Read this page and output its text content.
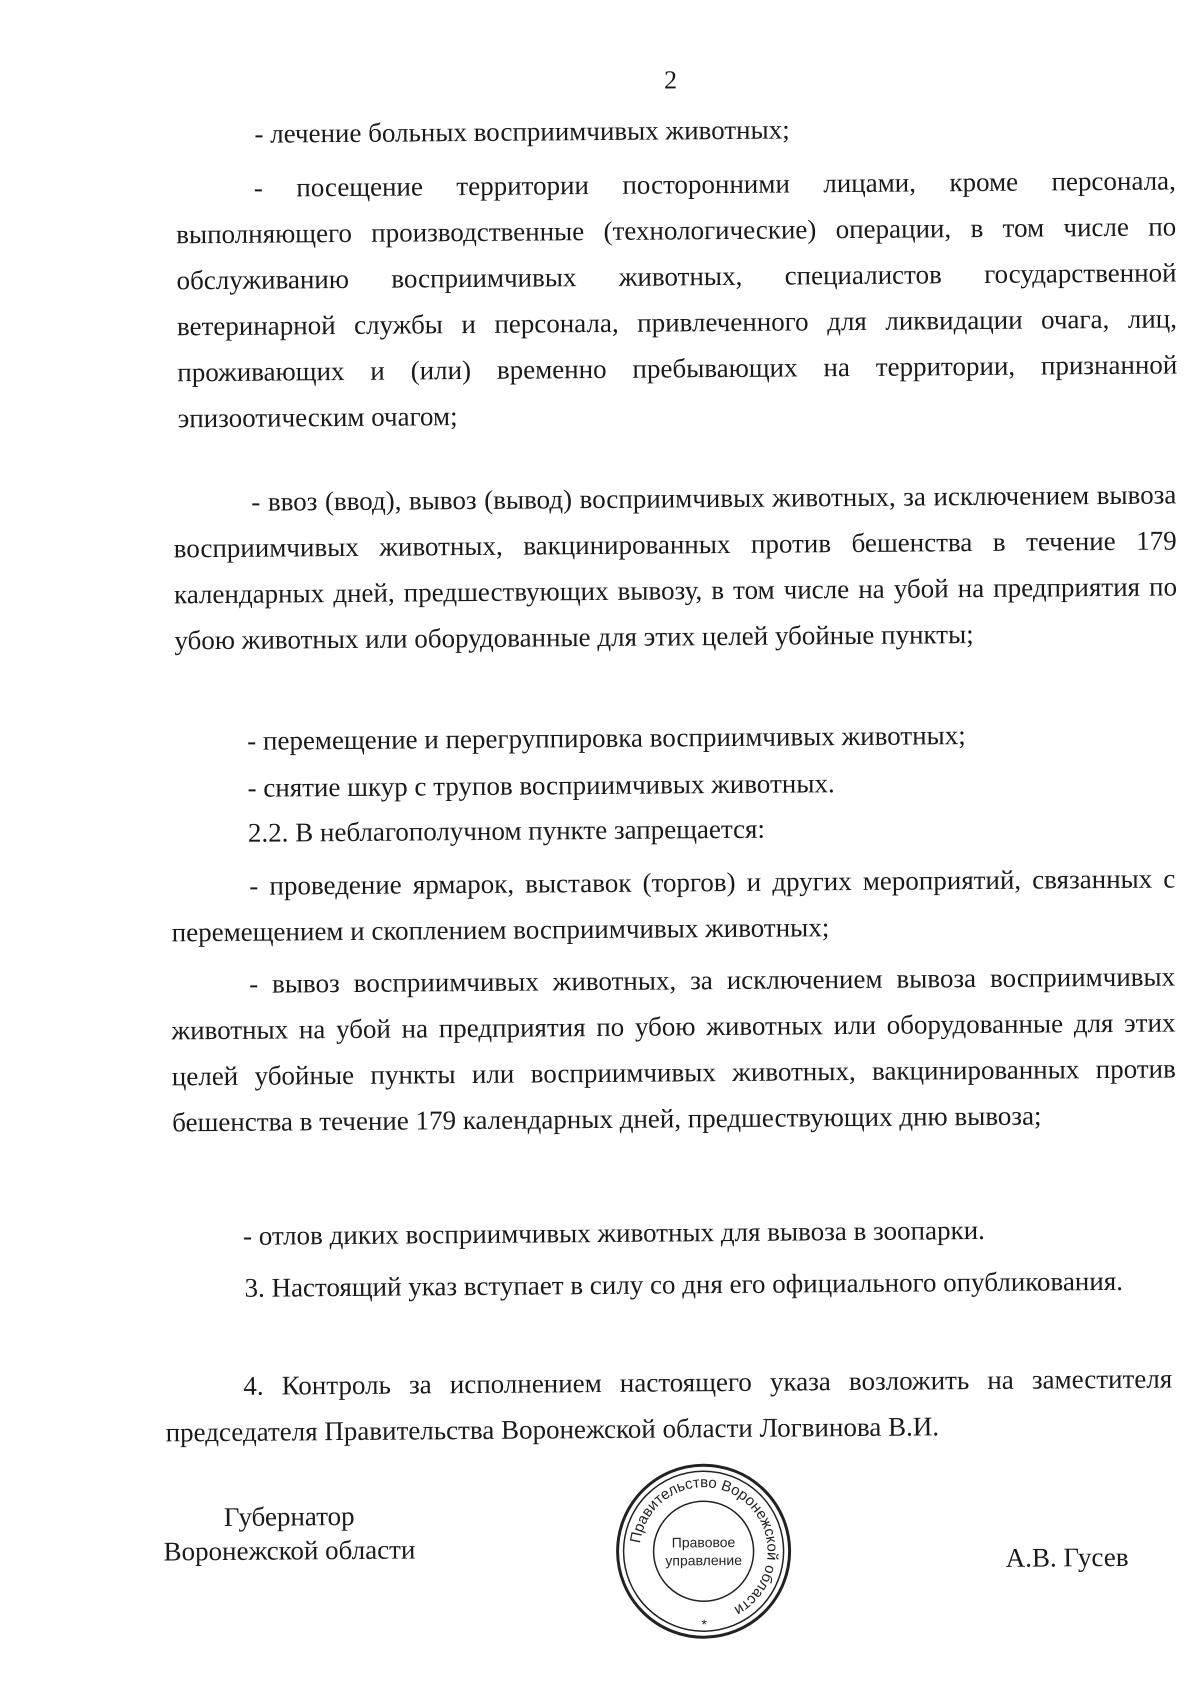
2

- лечение больных восприимчивых животных;

- посещение территории посторонними лицами, кроме персонала, выполняющего производственные (технологические) операции, в том числе по обслуживанию восприимчивых животных, специалистов государственной ветеринарной службы и персонала, привлеченного для ликвидации очага, лиц, проживающих и (или) временно пребывающих на территории, признанной эпизоотическим очагом;

- ввоз (ввод), вывоз (вывод) восприимчивых животных, за исключением вывоза восприимчивых животных, вакцинированных против бешенства в течение 179 календарных дней, предшествующих вывозу, в том числе на убой на предприятия по убою животных или оборудованные для этих целей убойные пункты;

- перемещение и перегруппировка восприимчивых животных;

- снятие шкур с трупов восприимчивых животных.

2.2. В неблагополучном пункте запрещается:

- проведение ярмарок, выставок (торгов) и других мероприятий, связанных с перемещением и скоплением восприимчивых животных;

- вывоз восприимчивых животных, за исключением вывоза восприимчивых животных на убой на предприятия по убою животных или оборудованные для этих целей убойные пункты или восприимчивых животных, вакцинированных против бешенства в течение 179 календарных дней, предшествующих дню вывоза;

- отлов диких восприимчивых животных для вывоза в зоопарки.

3. Настоящий указ вступает в силу со дня его официального опубликования.

4. Контроль за исполнением настоящего указа возложить на заместителя председателя Правительства Воронежской области Логвинова В.И.

Губернатор
Воронежской области	А.В. Гусев
Правительство Воронежской области
Правовое
управление
*
